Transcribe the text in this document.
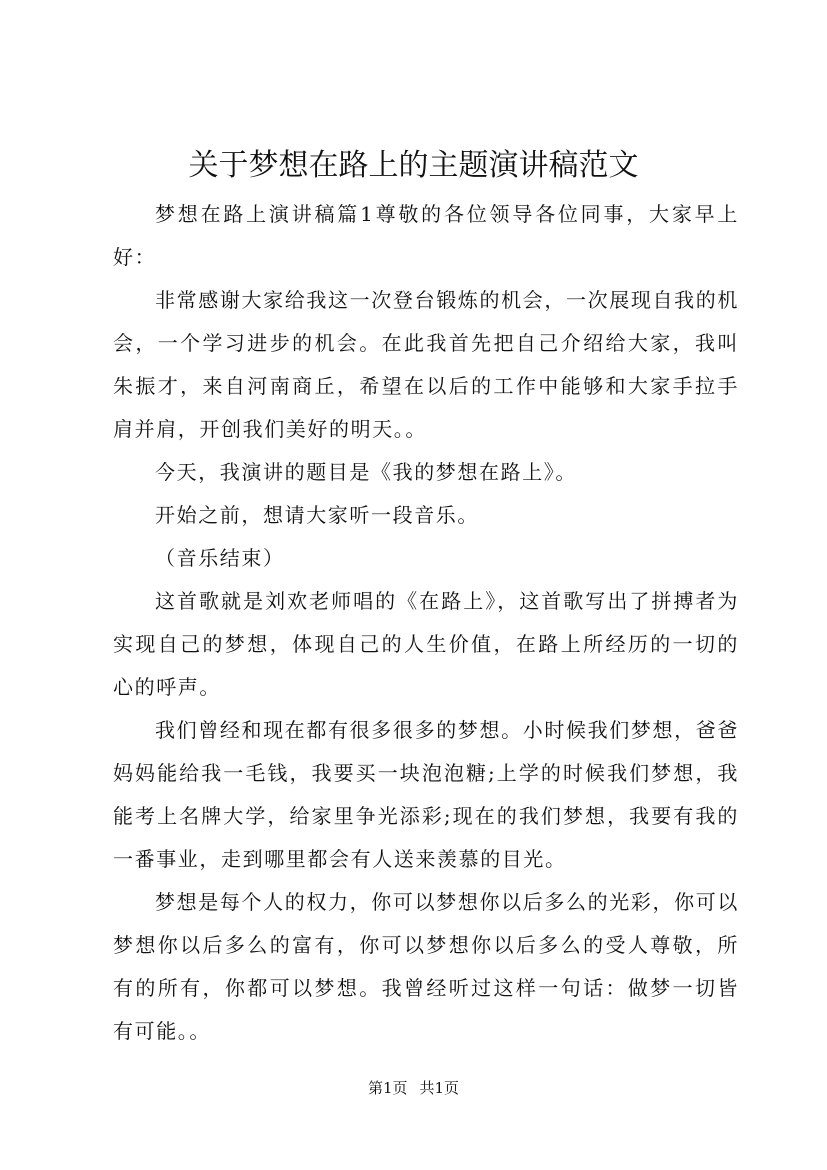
关于梦想在路上的主题演讲稿范文

梦想在路上演讲稿篇1尊敬的各位领导各位同事，大家早上好：

非常感谢大家给我这一次登台锻炼的机会，一次展现自我的机会，一个学习进步的机会。在此我首先把自己介绍给大家，我叫朱振才，来自河南商丘，希望在以后的工作中能够和大家手拉手肩并肩，开创我们美好的明天。。

今天，我演讲的题目是《我的梦想在路上》。

开始之前，想请大家听一段音乐。

（音乐结束）

这首歌就是刘欢老师唱的《在路上》，这首歌写出了拼搏者为实现自己的梦想，体现自己的人生价值，在路上所经历的一切的心的呼声。

我们曾经和现在都有很多很多的梦想。小时候我们梦想，爸爸妈妈能给我一毛钱，我要买一块泡泡糖;上学的时候我们梦想，我能考上名牌大学，给家里争光添彩;现在的我们梦想，我要有我的一番事业，走到哪里都会有人送来羡慕的目光。

梦想是每个人的权力，你可以梦想你以后多么的光彩，你可以梦想你以后多么的富有，你可以梦想你以后多么的受人尊敬，所有的所有，你都可以梦想。我曾经听过这样一句话：做梦一切皆有可能。。

第1页 共1页
